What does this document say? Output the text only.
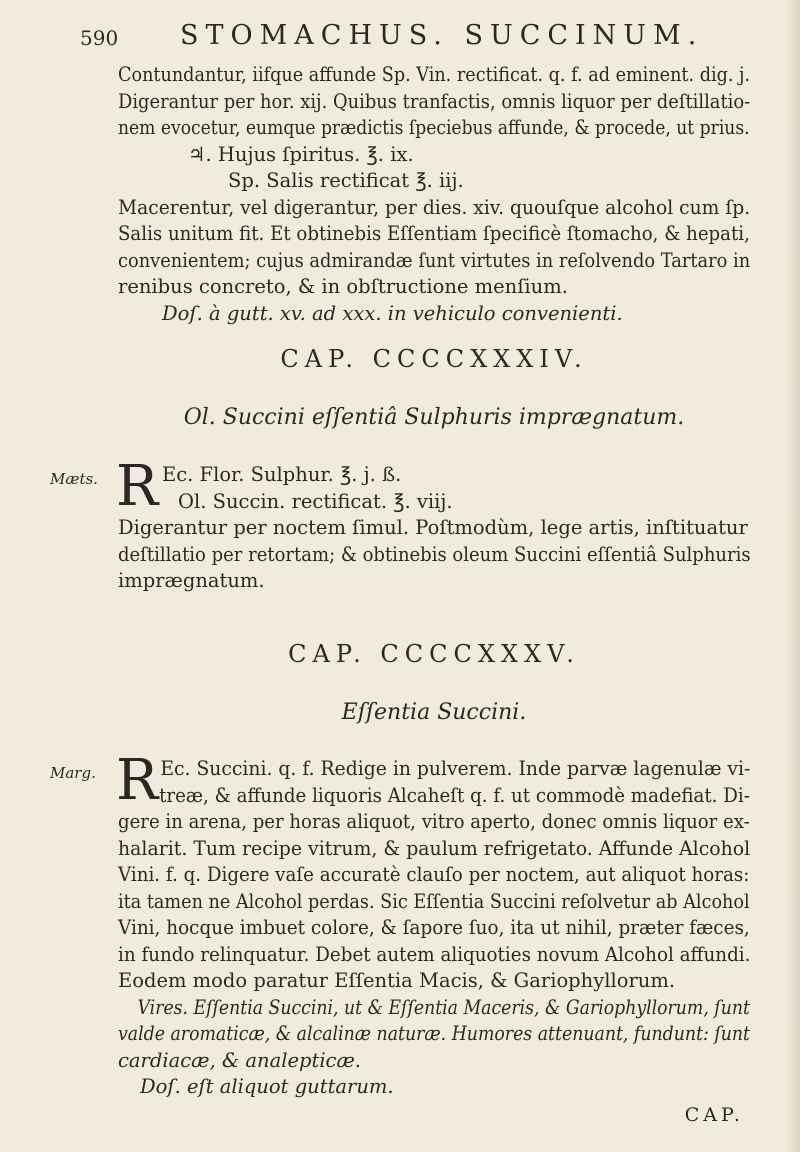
590 STOMACHUS. SUCCINUM.

Contundantur, iifque affunde Sp. Vin. rectificat. q. f. ad eminent. dig. j.
Digerantur per hor. xij. Quibus tranfactis, omnis liquor per deſtillatio-
nem evocetur, eumque prædictis ſpeciebus affunde, & procede, ut prius.
♃. Hujus ſpiritus. ℥. ix.
Sp. Salis rectificat ℥. iij.
Macerentur, vel digerantur, per dies. xiv. quouſque alcohol cum ſp.
Salis unitum fit. Et obtinebis Eſſentiam ſpecificè ſtomacho, & hepati,
convenientem; cujus admirandæ ſunt virtutes in reſolvendo Tartaro in
renibus concreto, & in obſtructione menſium.
Doſ. à gutt. xv. ad xxx. in vehiculo convenienti.

CAP. CCCCXXXIV.
Ol. Succini eſſentiâ Sulphuris imprægnatum.
Mæts. R Ec. Flor. Sulphur. ℥. j. ß.
Ol. Succin. rectificat. ℥. viij.
Digerantur per noctem ſimul. Poſtmodùm, lege artis, inſtituatur
deſtillatio per retortam; & obtinebis oleum Succini eſſentiâ Sulphuris
imprægnatum.

CAP. CCCCXXXV.
Eſſentia Succini.
Marg. R Ec. Succini. q. f. Redige in pulverem. Inde parvæ lagenulæ vi-
treæ, & affunde liquoris Alcaheſt q. f. ut commodè madefiat. Di-
gere in arena, per horas aliquot, vitro aperto, donec omnis liquor ex-
halarit. Tum recipe vitrum, & paulum refrigetato. Affunde Alcohol
Vini. f. q. Digere vaſe accuratè clauſo per noctem, aut aliquot horas:
ita tamen ne Alcohol perdas. Sic Eſſentia Succini reſolvetur ab Alcohol
Vini, hocque imbuet colore, & ſapore ſuo, ita ut nihil, præter fæces,
in fundo relinquatur. Debet autem aliquoties novum Alcohol affundi.
Eodem modo paratur Eſſentia Macis, & Gariophyllorum.
Vires. Eſſentia Succini, ut & Eſſentia Maceris, & Gariophyllorum, ſunt
valde aromaticæ, & alcalinæ naturæ. Humores attenuant, fundunt: ſunt
cardiacæ, & analepticæ.
Doſ. eſt aliquot guttarum.

CAP.
